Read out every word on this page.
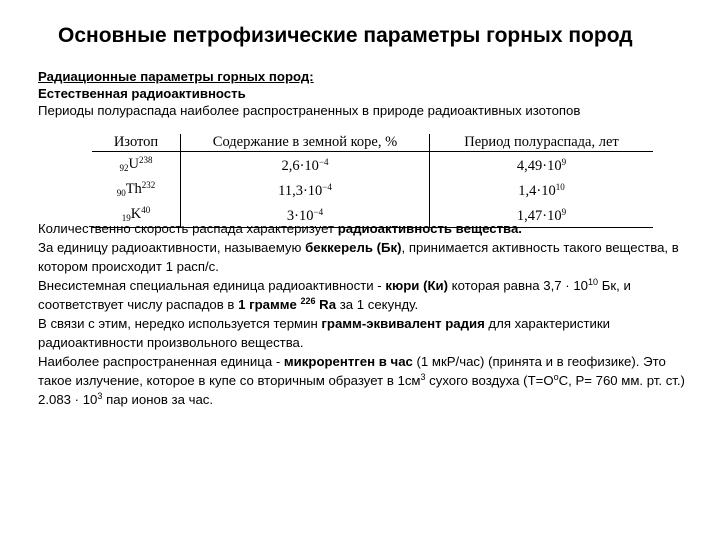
Основные петрофизические параметры горных пород
Радиационные параметры горных пород:
Естественная радиоактивность
Периоды полураспада наиболее распространенных в природе радиоактивных изотопов
Изотоп	Содержание в земной коре, %	Период полураспада, лет
$_{92}U^{238}$	$2,6\cdot 10^{-4}$	$4,49\cdot 10^9$
$_{90}Th^{232}$	$11,3\cdot 10^{-4}$	$1,4\cdot 10^{10}$
$_{19}K^{40}$	$3\cdot 10^{-4}$	$1,47\cdot 10^9$

Количественно скорость распада характеризует радиоактивность вещества.

За единицу радиоактивности, называемую беккерель (Бк), принимается активность такого вещества, в котором происходит 1 расп/с.

Внесистемная специальная единица радиоактивности - кюри (Ки) которая равна $3,7 \cdot 10^{10}$ Бк, и соответствует числу распадов в 1 грамме $^{226}$ Ra за 1 секунду.

В связи с этим, нередко используется термин грамм-эквивалент радия для характеристики радиоактивности произвольного вещества.

Наиболее распространенная единица - микрорентген в час (1 мкР/час) (принята и в геофизике). Это такое излучение, которое в купе со вторичным образует в $1см^3$ сухого воздуха ($T=O^oC$, P= 760 мм. рт. ст.) $2.083 \cdot 10^3$ пар ионов за час.
